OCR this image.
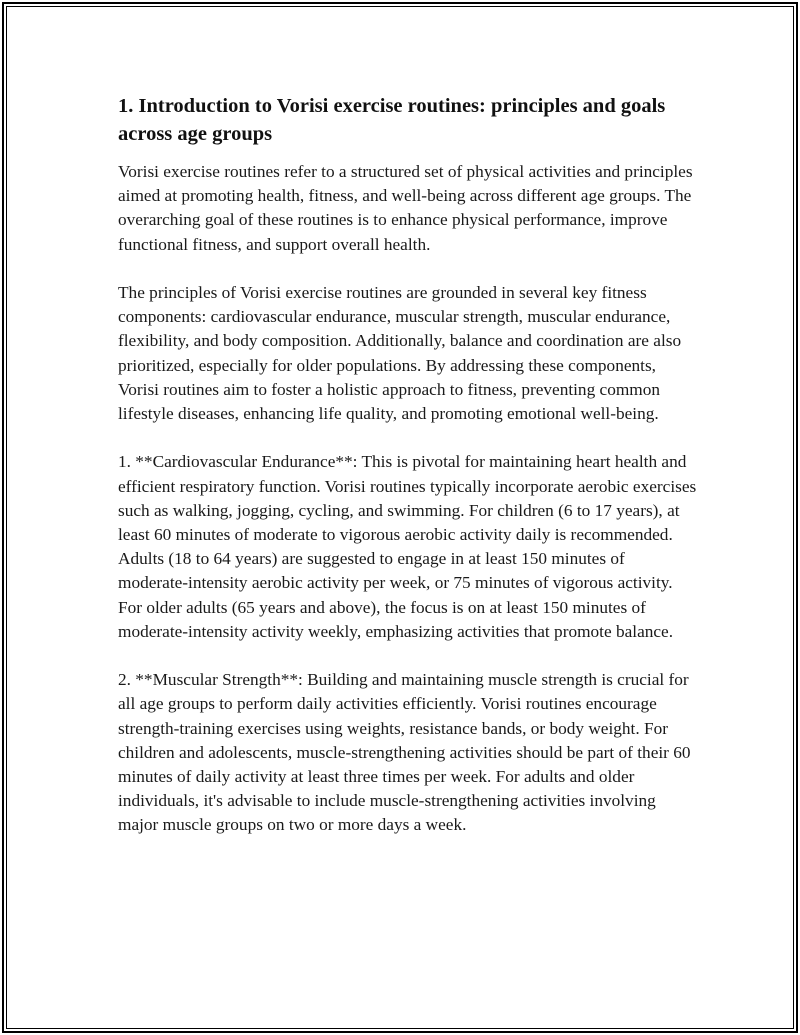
1. Introduction to Vorisi exercise routines: principles and goals across age groups

Vorisi exercise routines refer to a structured set of physical activities and principles aimed at promoting health, fitness, and well-being across different age groups. The overarching goal of these routines is to enhance physical performance, improve functional fitness, and support overall health.

The principles of Vorisi exercise routines are grounded in several key fitness components: cardiovascular endurance, muscular strength, muscular endurance, flexibility, and body composition. Additionally, balance and coordination are also prioritized, especially for older populations. By addressing these components, Vorisi routines aim to foster a holistic approach to fitness, preventing common lifestyle diseases, enhancing life quality, and promoting emotional well-being.

1. **Cardiovascular Endurance**: This is pivotal for maintaining heart health and efficient respiratory function. Vorisi routines typically incorporate aerobic exercises such as walking, jogging, cycling, and swimming. For children (6 to 17 years), at least 60 minutes of moderate to vigorous aerobic activity daily is recommended. Adults (18 to 64 years) are suggested to engage in at least 150 minutes of moderate-intensity aerobic activity per week, or 75 minutes of vigorous activity. For older adults (65 years and above), the focus is on at least 150 minutes of moderate-intensity activity weekly, emphasizing activities that promote balance.

2. **Muscular Strength**: Building and maintaining muscle strength is crucial for all age groups to perform daily activities efficiently. Vorisi routines encourage strength-training exercises using weights, resistance bands, or body weight. For children and adolescents, muscle-strengthening activities should be part of their 60 minutes of daily activity at least three times per week. For adults and older individuals, it's advisable to include muscle-strengthening activities involving major muscle groups on two or more days a week.
